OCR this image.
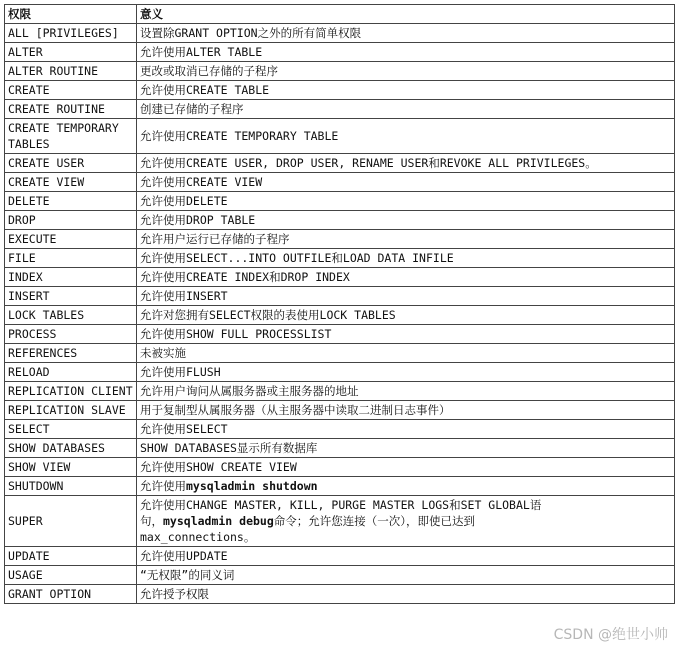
权限	意义
ALL [PRIVILEGES]	设置除GRANT OPTION之外的所有简单权限
ALTER	允许使用ALTER TABLE
ALTER ROUTINE	更改或取消已存储的子程序
CREATE	允许使用CREATE TABLE
CREATE ROUTINE	创建已存储的子程序
CREATE TEMPORARY TABLES	允许使用CREATE TEMPORARY TABLE
CREATE USER	允许使用CREATE USER, DROP USER, RENAME USER和REVOKE ALL PRIVILEGES。
CREATE VIEW	允许使用CREATE VIEW
DELETE	允许使用DELETE
DROP	允许使用DROP TABLE
EXECUTE	允许用户运行已存储的子程序
FILE	允许使用SELECT...INTO OUTFILE和LOAD DATA INFILE
INDEX	允许使用CREATE INDEX和DROP INDEX
INSERT	允许使用INSERT
LOCK TABLES	允许对您拥有SELECT权限的表使用LOCK TABLES
PROCESS	允许使用SHOW FULL PROCESSLIST
REFERENCES	未被实施
RELOAD	允许使用FLUSH
REPLICATION CLIENT	允许用户询问从属服务器或主服务器的地址
REPLICATION SLAVE	用于复制型从属服务器（从主服务器中读取二进制日志事件）
SELECT	允许使用SELECT
SHOW DATABASES	SHOW DATABASES显示所有数据库
SHOW VIEW	允许使用SHOW CREATE VIEW
SHUTDOWN	允许使用mysqladmin shutdown
SUPER	允许使用CHANGE MASTER, KILL, PURGE MASTER LOGS和SET GLOBAL语
句，mysqladmin debug命令；允许您连接（一次），即使已达到
max_connections。

UPDATE	允许使用UPDATE
USAGE	“无权限”的同义词
GRANT OPTION	允许授予权限
CSDN @绝世小帅
